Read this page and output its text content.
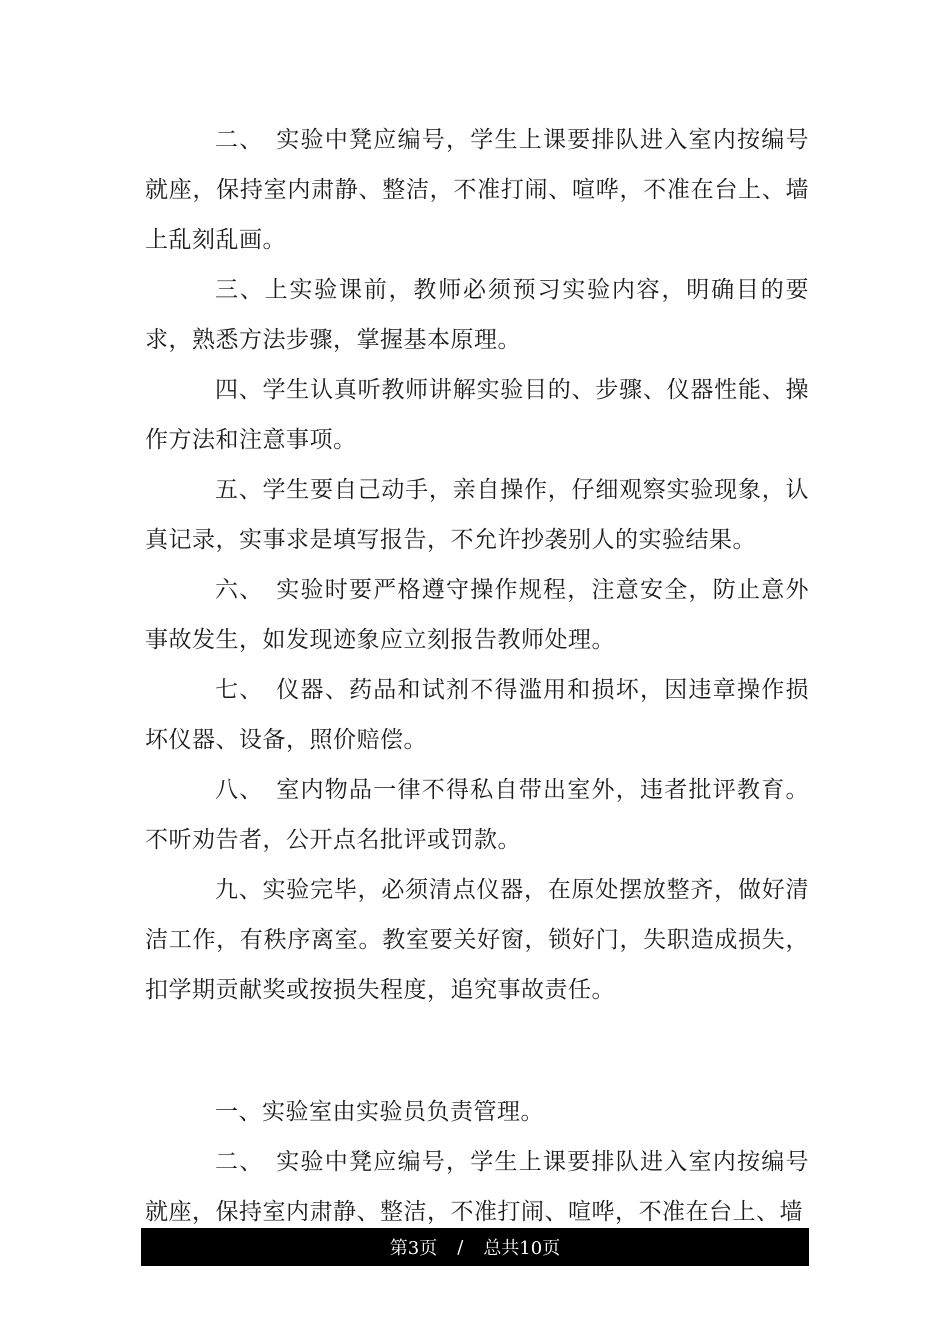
二、　实验中凳应编号，学生上课要排队进入室内按编号就座，保持室内肃静、整洁，不准打闹、喧哗，不准在台上、墙上乱刻乱画。

三、上实验课前，教师必须预习实验内容，明确目的要求，熟悉方法步骤，掌握基本原理。

四、学生认真听教师讲解实验目的、步骤、仪器性能、操作方法和注意事项。

五、学生要自己动手，亲自操作，仔细观察实验现象，认真记录，实事求是填写报告，不允许抄袭别人的实验结果。

六、　实验时要严格遵守操作规程，注意安全，防止意外事故发生，如发现迹象应立刻报告教师处理。

七、　仪器、药品和试剂不得滥用和损坏，因违章操作损坏仪器、设备，照价赔偿。

八、　室内物品一律不得私自带出室外，违者批评教育。不听劝告者，公开点名批评或罚款。

九、实验完毕，必须清点仪器，在原处摆放整齐，做好清洁工作，有秩序离室。教室要关好窗，锁好门，失职造成损失，扣学期贡献奖或按损失程度，追究事故责任。

一、实验室由实验员负责管理。

二、　实验中凳应编号，学生上课要排队进入室内按编号就座，保持室内肃静、整洁，不准打闹、喧哗，不准在台上、墙

第3页 / 总共10页
